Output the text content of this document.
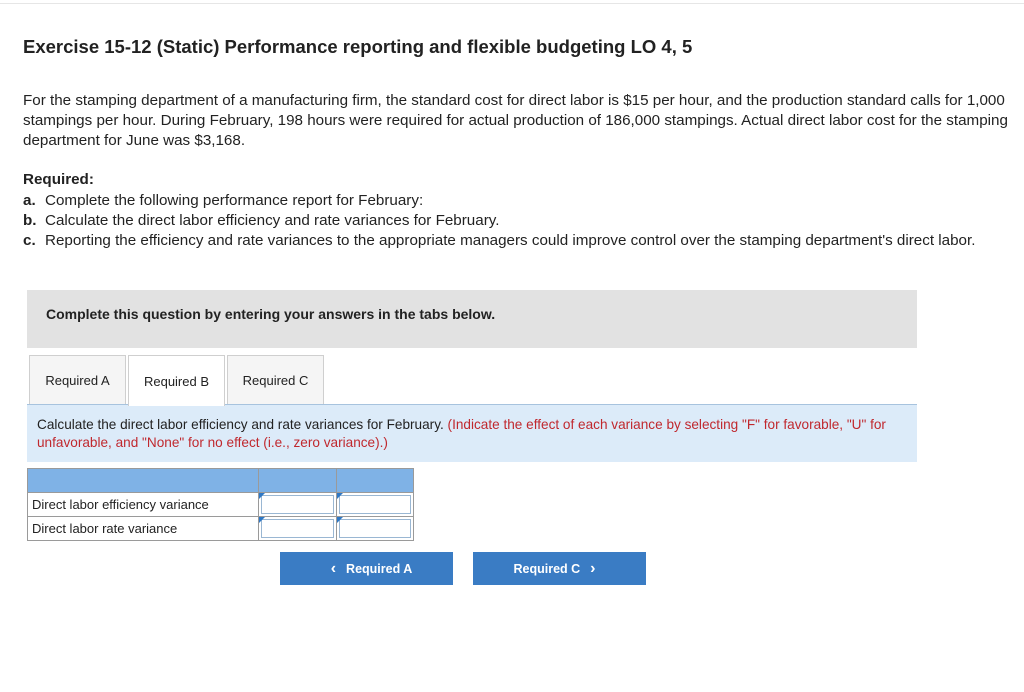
Exercise 15-12 (Static) Performance reporting and flexible budgeting LO 4, 5

For the stamping department of a manufacturing firm, the standard cost for direct labor is $15 per hour, and the production standard calls for 1,000 stampings per hour. During February, 198 hours were required for actual production of 186,000 stampings. Actual direct labor cost for the stamping department for June was $3,168.

Required:

a. Complete the following performance report for February:
b. Calculate the direct labor efficiency and rate variances for February.
c. Reporting the efficiency and rate variances to the appropriate managers could improve control over the stamping department's direct labor.
Complete this question by entering your answers in the tabs below.
Required A	Required B	Required C
Calculate the direct labor efficiency and rate variances for February. (Indicate the effect of each variance by selecting "F" for favorable, "U" for unfavorable, and "None" for no effect (i.e., zero variance).)

Direct labor efficiency variance	

Direct labor rate variance	

‹ Required A	Required C ›
